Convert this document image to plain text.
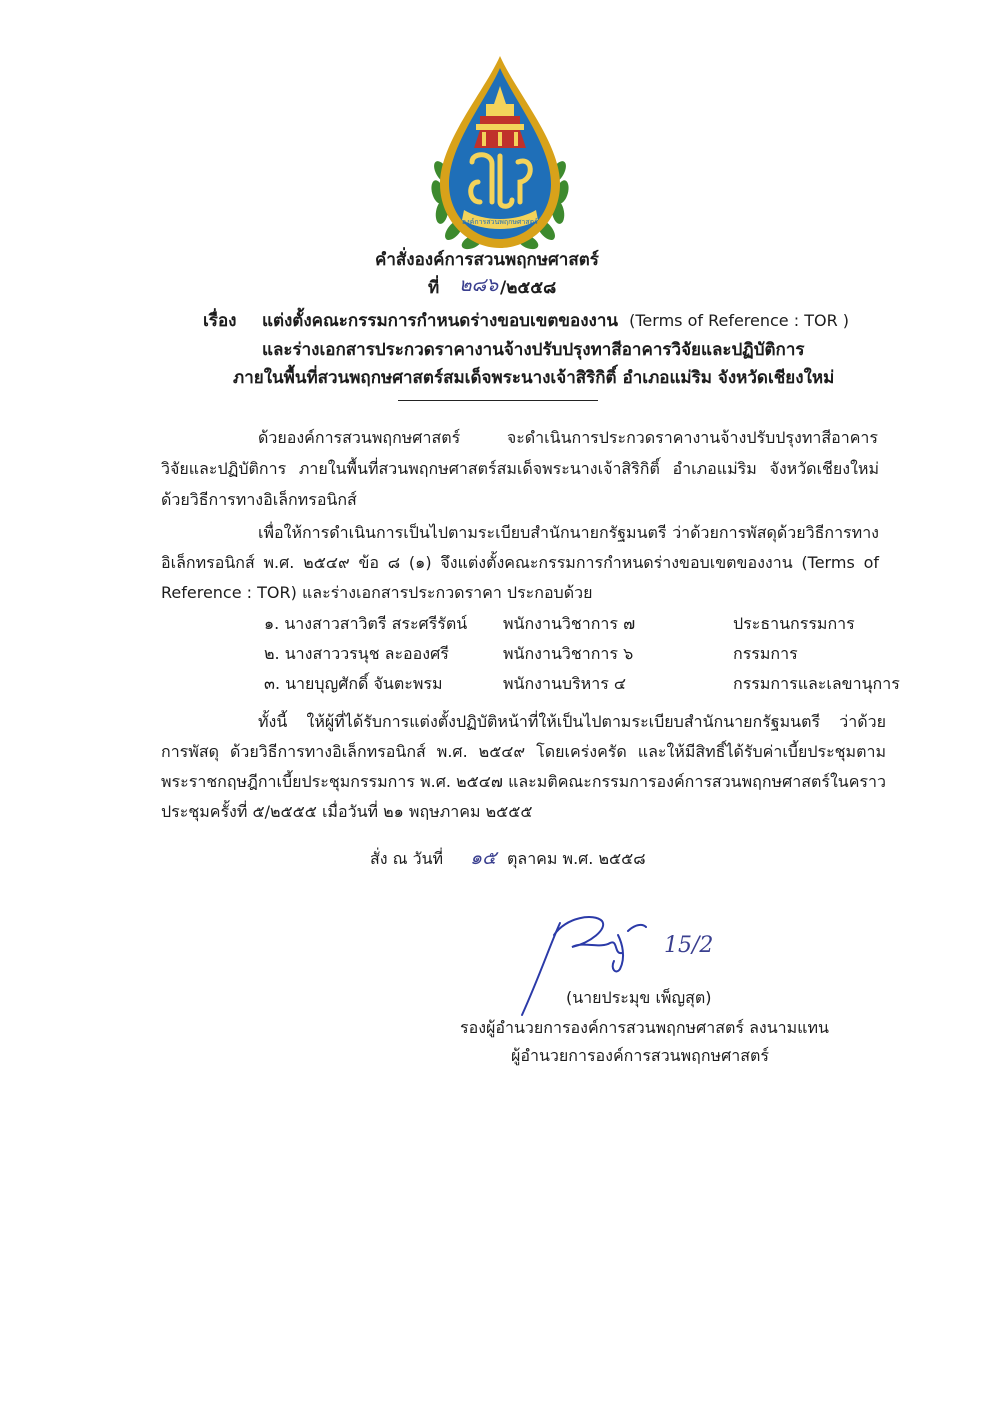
องค์การสวนพฤกษศาสตร์
คำสั่งองค์การสวนพฤกษศาสตร์
ที่ ๒๘๖ /๒๕๕๘
เรื่อง แต่งตั้งคณะกรรมการกำหนดร่างขอบเขตของงาน (Terms of Reference : TOR )
และร่างเอกสารประกวดราคางานจ้างปรับปรุงทาสีอาคารวิจัยและปฏิบัติการ
ภายในพื้นที่สวนพฤกษศาสตร์สมเด็จพระนางเจ้าสิริกิติ์ อำเภอแม่ริม จังหวัดเชียงใหม่
ด้วยองค์การสวนพฤกษศาสตร์ จะดำเนินการประกวดราคางานจ้างปรับปรุงทาสีอาคาร
วิจัยและปฏิบัติการ ภายในพื้นที่สวนพฤกษศาสตร์สมเด็จพระนางเจ้าสิริกิติ์ อำเภอแม่ริม จังหวัดเชียงใหม่
ด้วยวิธีการทางอิเล็กทรอนิกส์
เพื่อให้การดำเนินการเป็นไปตามระเบียบสำนักนายกรัฐมนตรี ว่าด้วยการพัสดุด้วยวิธีการทาง
อิเล็กทรอนิกส์ พ.ศ. ๒๕๔๙ ข้อ ๘ (๑) จึงแต่งตั้งคณะกรรมการกำหนดร่างขอบเขตของงาน (Terms of
Reference : TOR) และร่างเอกสารประกวดราคา ประกอบด้วย
๑. นางสาวสาวิตรี สระศรีรัตน์ พนักงานวิชาการ ๗	ประธานกรรมการ
๒. นางสาววรนุช ละอองศรี	พนักงานวิชาการ ๖	กรรมการ
๓. นายบุญศักดิ์ จันตะพรม	พนักงานบริหาร ๔	กรรมการและเลขานุการ
ทั้งนี้ ให้ผู้ที่ได้รับการแต่งตั้งปฏิบัติหน้าที่ให้เป็นไปตามระเบียบสำนักนายกรัฐมนตรี ว่าด้วย
การพัสดุ ด้วยวิธีการทางอิเล็กทรอนิกส์ พ.ศ. ๒๕๔๙ โดยเคร่งครัด และให้มีสิทธิ์ได้รับค่าเบี้ยประชุมตาม
พระราชกฤษฎีกาเบี้ยประชุมกรรมการ พ.ศ. ๒๕๔๗ และมติคณะกรรมการองค์การสวนพฤกษศาสตร์ในคราว
ประชุมครั้งที่ ๕/๒๕๕๕ เมื่อวันที่ ๒๑ พฤษภาคม ๒๕๕๕
สั่ง ณ วันที่ ๑๕ ตุลาคม พ.ศ. ๒๕๕๘
15/2
(นายประมุข เพ็ญสุต)
รองผู้อำนวยการองค์การสวนพฤกษศาสตร์ ลงนามแทน
ผู้อำนวยการองค์การสวนพฤกษศาสตร์
